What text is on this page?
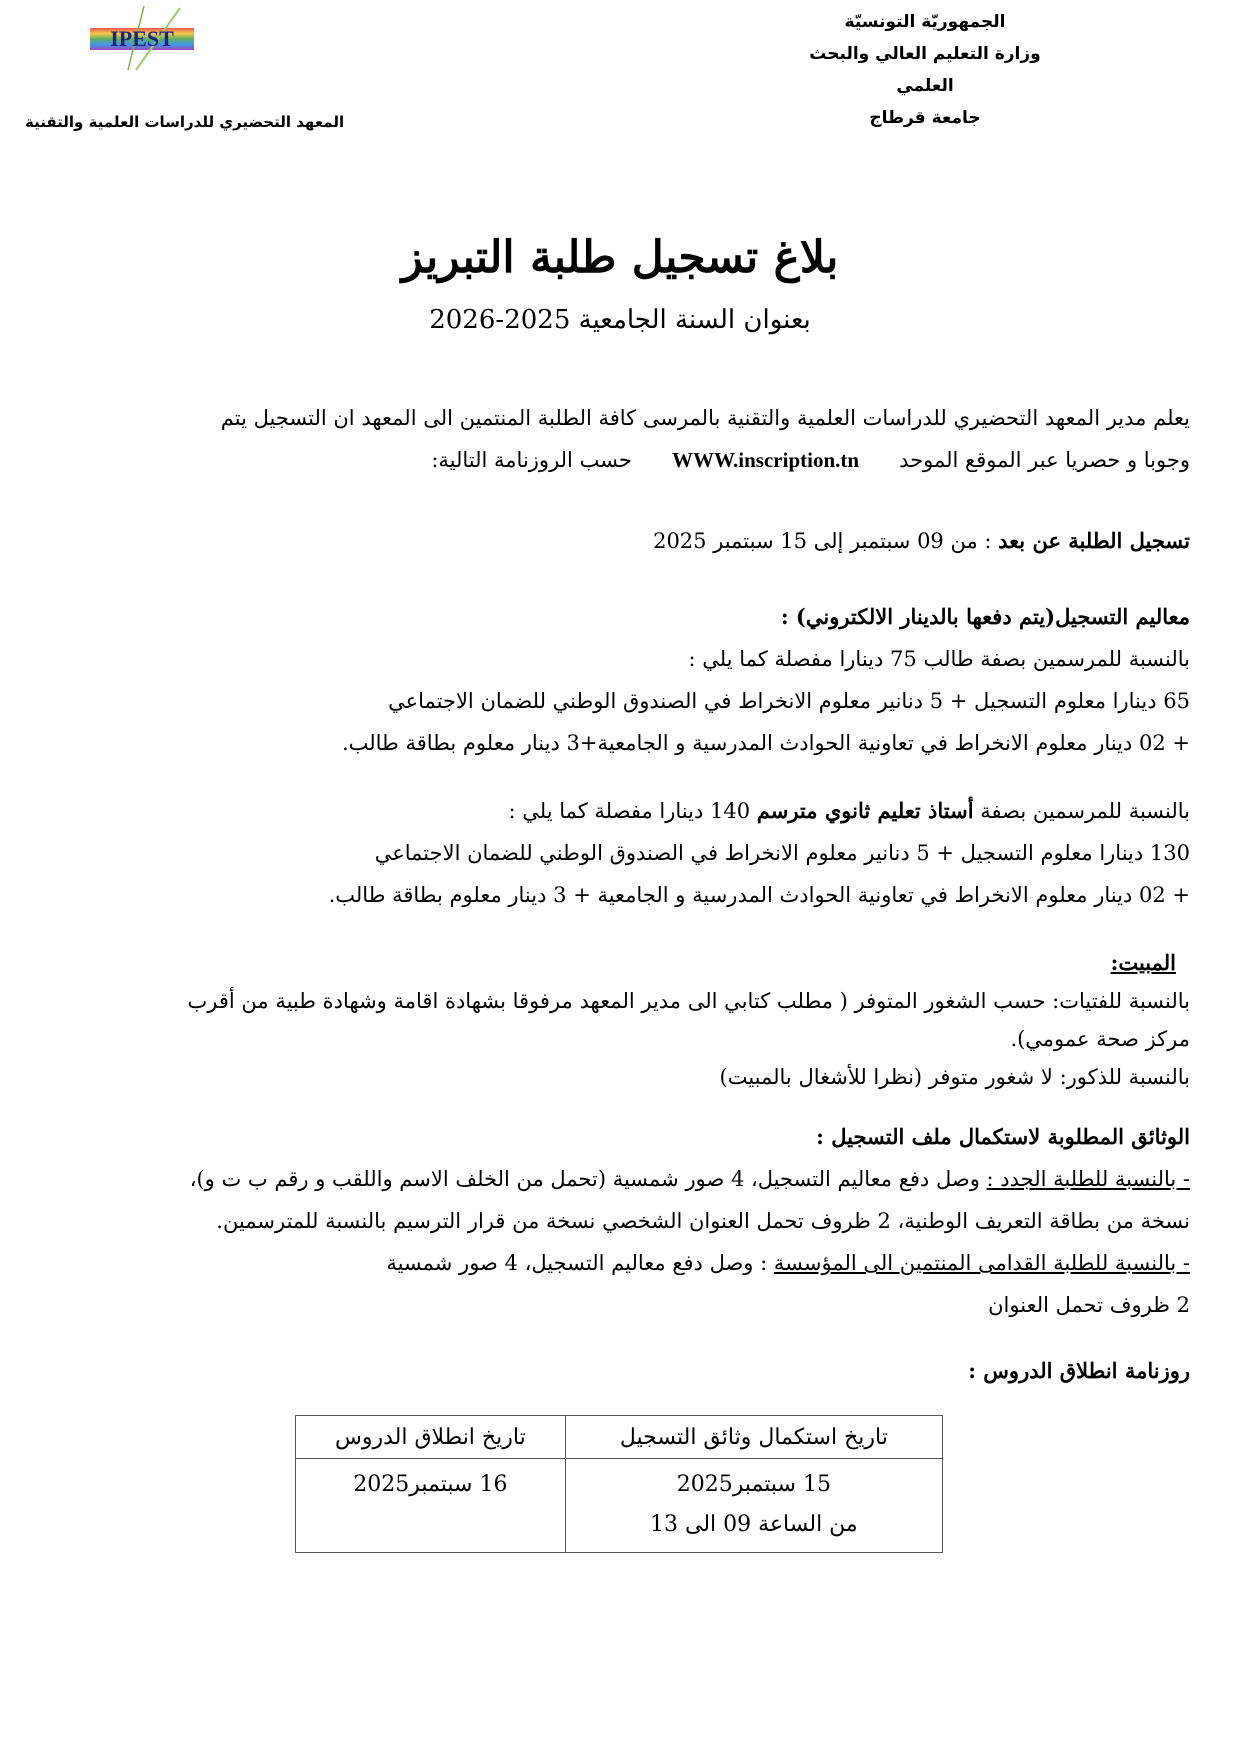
الجمهوريّة التونسيّة
وزارة التعليم العالي والبحث العلمي
جامعة قرطاج
IPEST
المعهد التحضيري للدراسات العلمية والتقنية
بلاغ تسجيل طلبة التبريز
بعنوان السنة الجامعية 2025-2026
يعلم مدير المعهد التحضيري للدراسات العلمية والتقنية بالمرسى كافة الطلبة المنتمين الى المعهد ان التسجيل يتم
وجوبا و حصريا عبر الموقع الموحد      WWW.inscription.tn      حسب الروزنامة التالية:
تسجيل الطلبة عن بعد : من 09 سبتمبر إلى 15 سبتمبر 2025
معاليم التسجيل(يتم دفعها بالدينار الالكتروني) :
بالنسبة للمرسمين بصفة طالب 75 دينارا مفصلة كما يلي :
65 دينارا معلوم التسجيل + 5 دنانير معلوم الانخراط في الصندوق الوطني للضمان الاجتماعي
+ 02 دينار معلوم الانخراط في تعاونية الحوادث المدرسية و الجامعية+3 دينار معلوم بطاقة طالب.
بالنسبة للمرسمين بصفة أستاذ تعليم ثانوي مترسم 140 دينارا مفصلة كما يلي :
130 دينارا معلوم التسجيل + 5 دنانير معلوم الانخراط في الصندوق الوطني للضمان الاجتماعي
+ 02 دينار معلوم الانخراط في تعاونية الحوادث المدرسية و الجامعية + 3 دينار معلوم بطاقة طالب.
المبيت:
بالنسبة للفتيات: حسب الشغور المتوفر ( مطلب كتابي الى مدير المعهد مرفوقا بشهادة اقامة وشهادة طبية من أقرب
مركز صحة عمومي).
بالنسبة للذكور: لا شغور متوفر (نظرا للأشغال بالمبيت)
الوثائق المطلوبة لاستكمال ملف التسجيل :
- بالنسبة للطلبة الجدد : وصل دفع معاليم التسجيل، 4 صور شمسية (تحمل من الخلف الاسم واللقب و رقم ب ت و)،
نسخة من بطاقة التعريف الوطنية، 2 ظروف تحمل العنوان الشخصي نسخة من قرار الترسيم بالنسبة للمترسمين.
- بالنسبة للطلبة القدامى المنتمين الى المؤسسة : وصل دفع معاليم التسجيل، 4 صور شمسية
2 ظروف تحمل العنوان
روزنامة انطلاق الدروس :
تاريخ استكمال وثائق التسجيل	تاريخ انطلاق الدروس

15 سبتمبر2025
من الساعة 09 الى 13	16 سبتمبر2025
